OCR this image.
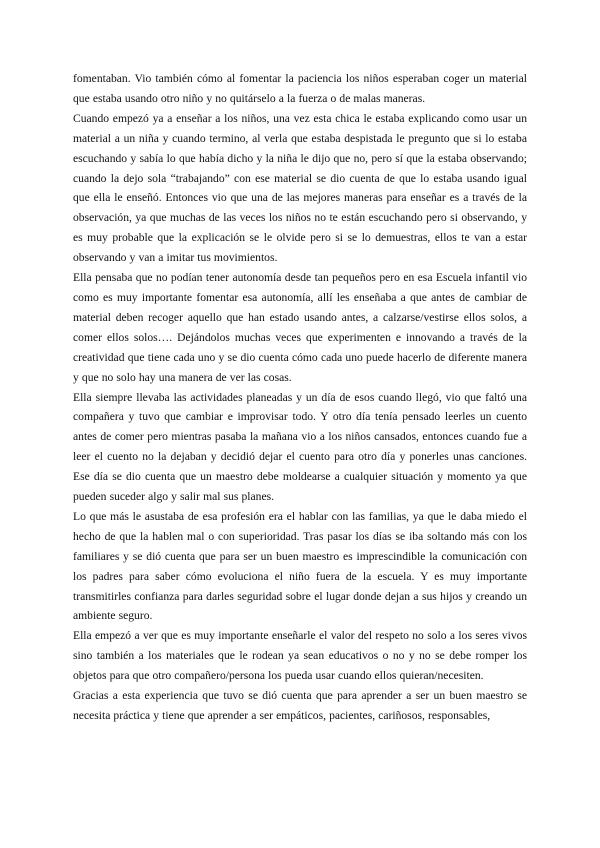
fomentaban. Vio también cómo al fomentar la paciencia los niños esperaban coger un material que estaba usando otro niño y no quitárselo a la fuerza o de malas maneras.

Cuando empezó ya a enseñar a los niños, una vez esta chica le estaba explicando como usar un material a un niña y cuando termino, al verla que estaba despistada le pregunto que si lo estaba escuchando y sabía lo que había dicho y la niña le dijo que no, pero sí que la estaba observando; cuando la dejo sola “trabajando” con ese material se dio cuenta de que lo estaba usando igual que ella le enseñó. Entonces vio que una de las mejores maneras para enseñar es a través de la observación, ya que muchas de las veces los niños no te están escuchando pero si observando, y es muy probable que la explicación se le olvide pero si se lo demuestras, ellos te van a estar observando y van a imitar tus movimientos.

Ella pensaba que no podían tener autonomía desde tan pequeños pero en esa Escuela infantil vio como es muy importante fomentar esa autonomía, allí les enseñaba a que antes de cambiar de material deben recoger aquello que han estado usando antes, a calzarse/vestirse ellos solos, a comer ellos solos…. Dejándolos muchas veces que experimenten e innovando a través de la creatividad que tiene cada uno y se dio cuenta cómo cada uno puede hacerlo de diferente manera y que no solo hay una manera de ver las cosas.

Ella siempre llevaba las actividades planeadas y un día de esos cuando llegó, vio que faltó una compañera y tuvo que cambiar e improvisar todo. Y otro día tenía pensado leerles un cuento antes de comer pero mientras pasaba la mañana vio a los niños cansados, entonces cuando fue a leer el cuento no la dejaban y decidió dejar el cuento para otro día y ponerles unas canciones. Ese día se dio cuenta que un maestro debe moldearse a cualquier situación y momento ya que pueden suceder algo y salir mal sus planes.

Lo que más le asustaba de esa profesión era el hablar con las familias, ya que le daba miedo el hecho de que la hablen mal o con superioridad. Tras pasar los días se iba soltando más con los familiares y se dió cuenta que para ser un buen maestro es imprescindible la comunicación con los padres para saber cómo evoluciona el niño fuera de la escuela. Y es muy importante transmitirles confianza para darles seguridad sobre el lugar donde dejan a sus hijos y creando un ambiente seguro.

Ella empezó a ver que es muy importante enseñarle el valor del respeto no solo a los seres vivos sino también a los materiales que le rodean ya sean educativos o no y no se debe romper los objetos para que otro compañero/persona los pueda usar cuando ellos quieran/necesiten.

Gracias a esta experiencia que tuvo se dió cuenta que para aprender a ser un buen maestro se necesita práctica y tiene que aprender a ser empáticos, pacientes, cariñosos, responsables,
